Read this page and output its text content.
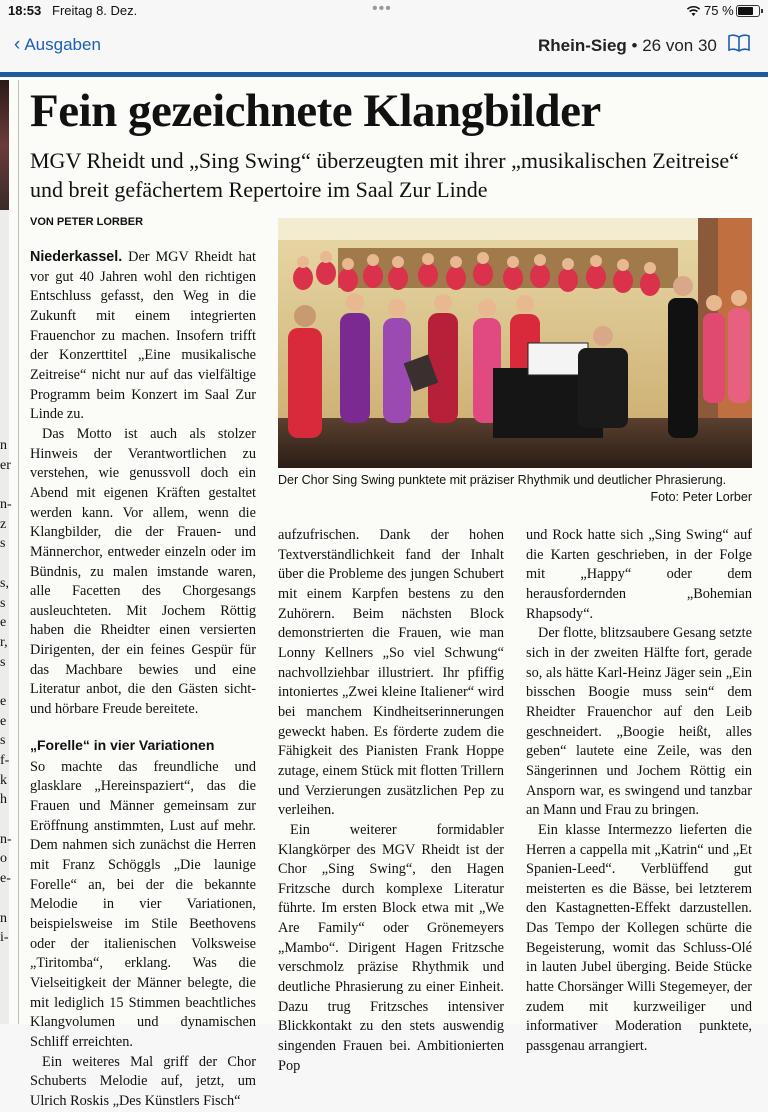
18:53 Freitag 8. Dez.	•••	75 %
‹ Ausgaben	Rhein-Sieg • 26 von 30
n
er
n-
z
s
s,
s
e
r,
s
e
e
s
f-
k
h
n-
o
e-
n
i-
Fein gezeichnete Klangbilder

MGV Rheidt und „Sing Swing“ überzeugten mit ihrer „musikalischen Zeitreise“ und breit gefächertem Repertoire im Saal Zur Linde

VON PETER LORBER

Niederkassel. Der MGV Rheidt hat vor gut 40 Jahren wohl den richtigen Entschluss gefasst, den Weg in die Zukunft mit einem integrierten Frauenchor zu machen. Insofern trifft der Konzerttitel „Eine musikalische Zeitreise“ nicht nur auf das vielfältige Programm beim Konzert im Saal Zur Linde zu.

Das Motto ist auch als stolzer Hinweis der Verantwortlichen zu verstehen, wie genussvoll doch ein Abend mit eigenen Kräften gestaltet werden kann. Vor allem, wenn die Klangbilder, die der Frauen- und Männerchor, entweder einzeln oder im Bündnis, zu malen imstande waren, alle Facetten des Chorgesangs ausleuchteten. Mit Jochem Röttig haben die Rheidter einen versierten Dirigenten, der ein feines Gespür für das Machbare bewies und eine Literatur anbot, die den Gästen sicht- und hörbare Freude bereitete.

„Forelle“ in vier Variationen

So machte das freundliche und glasklare „Hereinspaziert“, das die Frauen und Männer gemeinsam zur Eröffnung anstimmten, Lust auf mehr. Dem nahmen sich zunächst die Herren mit Franz Schöggls „Die launige Forelle“ an, bei der die bekannte Melodie in vier Variationen, beispielsweise im Stile Beethovens oder der italienischen Volksweise „Tiritomba“, erklang. Was die Vielseitigkeit der Männer belegte, die mit lediglich 15 Stimmen beachtliches Klangvolumen und dynamischen Schliff erreichten.

Ein weiteres Mal griff der Chor Schuberts Melodie auf, jetzt, um Ulrich Roskis „Des Künstlers Fisch“

Der Chor Sing Swing punktete mit präziser Rhythmik und deutlicher Phrasierung.
Foto: Peter Lorber

aufzufrischen. Dank der hohen Textverständlichkeit fand der Inhalt über die Probleme des jungen Schubert mit einem Karpfen bestens zu den Zuhörern. Beim nächsten Block demonstrierten die Frauen, wie man Lonny Kellners „So viel Schwung“ nachvollziehbar illustriert. Ihr pfiffig intoniertes „Zwei kleine Italiener“ wird bei manchem Kindheitserinnerungen geweckt haben. Es förderte zudem die Fähigkeit des Pianisten Frank Hoppe zutage, einem Stück mit flotten Trillern und Verzierungen zusätzlichen Pep zu verleihen.

Ein weiterer formidabler Klangkörper des MGV Rheidt ist der Chor „Sing Swing“, den Hagen Fritzsche durch komplexe Literatur führte. Im ersten Block etwa mit „We Are Family“ oder Grönemeyers „Mambo“. Dirigent Hagen Fritzsche verschmolz präzise Rhythmik und deutliche Phrasierung zu einer Einheit. Dazu trug Fritzsches intensiver Blickkontakt zu den stets auswendig singenden Frauen bei. Ambitionierten Pop

und Rock hatte sich „Sing Swing“ auf die Karten geschrieben, in der Folge mit „Happy“ oder dem herausfordernden „Bohemian Rhapsody“.

Der flotte, blitzsaubere Gesang setzte sich in der zweiten Hälfte fort, gerade so, als hätte Karl-Heinz Jäger sein „Ein bisschen Boogie muss sein“ dem Rheidter Frauenchor auf den Leib geschneidert. „Boogie heißt, alles geben“ lautete eine Zeile, was den Sängerinnen und Jochem Röttig ein Ansporn war, es swingend und tanzbar an Mann und Frau zu bringen.

Ein klasse Intermezzo lieferten die Herren a cappella mit „Katrin“ und „Et Spanien-Leed“. Verblüffend gut meisterten es die Bässe, bei letzterem den Kastagnetten-Effekt darzustellen. Das Tempo der Kollegen schürte die Begeisterung, womit das Schluss-Olé in lauten Jubel überging. Beide Stücke hatte Chorsänger Willi Stegemeyer, der zudem mit kurzweiliger und informativer Moderation punktete, passgenau arrangiert.
